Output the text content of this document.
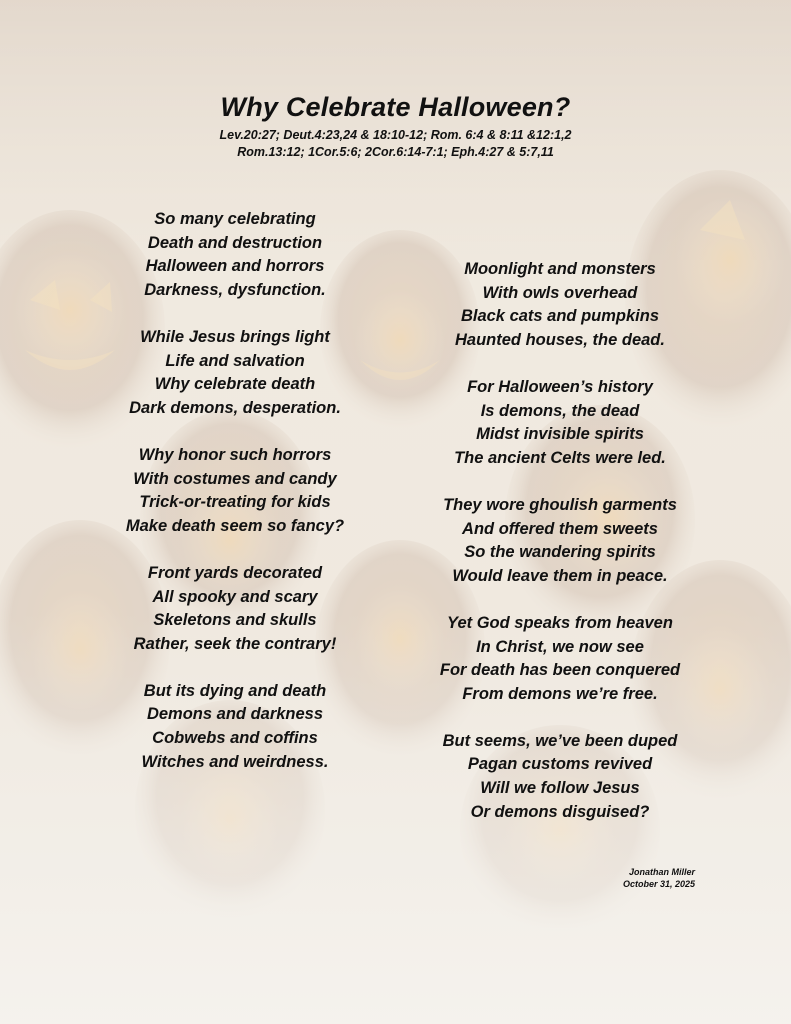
Why Celebrate Halloween?
Lev.20:27; Deut.4:23,24 & 18:10-12; Rom. 6:4 & 8:11 &12:1,2
Rom.13:12; 1Cor.5:6; 2Cor.6:14-7:1; Eph.4:27 & 5:7,11
So many celebrating
Death and destruction
Halloween and horrors
Darkness, dysfunction.
While Jesus brings light
Life and salvation
Why celebrate death
Dark demons, desperation.
Why honor such horrors
With costumes and candy
Trick-or-treating for kids
Make death seem so fancy?
Front yards decorated
All spooky and scary
Skeletons and skulls
Rather, seek the contrary!
But its dying and death
Demons and darkness
Cobwebs and coffins
Witches and weirdness.
Moonlight and monsters
With owls overhead
Black cats and pumpkins
Haunted houses, the dead.
For Halloween’s history
Is demons, the dead
Midst invisible spirits
The ancient Celts were led.
They wore ghoulish garments
And offered them sweets
So the wandering spirits
Would leave them in peace.
Yet God speaks from heaven
In Christ, we now see
For death has been conquered
From demons we’re free.
But seems, we’ve been duped
Pagan customs revived
Will we follow Jesus
Or demons disguised?
Jonathan Miller
October 31, 2025
